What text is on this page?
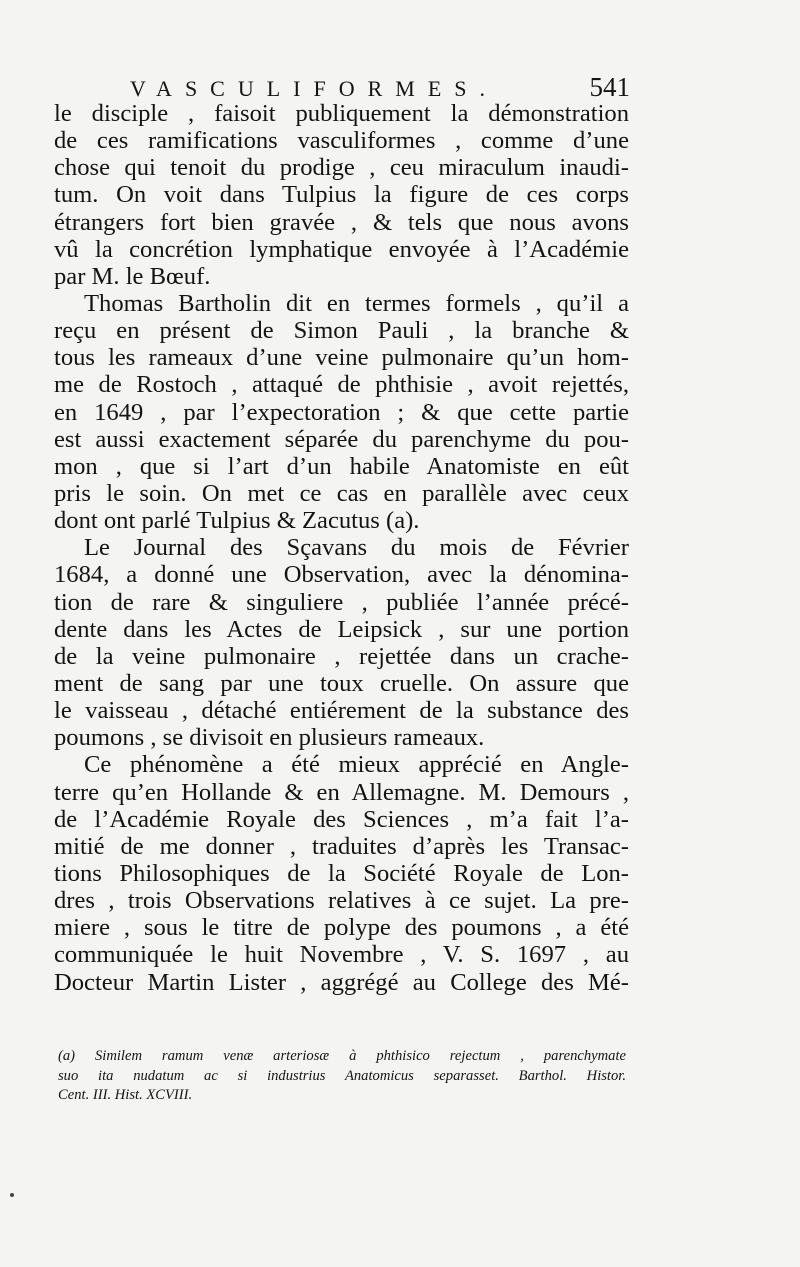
VASCULIFORMES.	541
le disciple , faisoit publiquement la démonstration
de ces ramifications vasculiformes , comme d’une
chose qui tenoit du prodige , ceu miraculum inaudi-
tum. On voit dans Tulpius la figure de ces corps
étrangers fort bien gravée , & tels que nous avons
vû la concrétion lymphatique envoyée à l’Académie
par M. le Bœuf.
Thomas Bartholin dit en termes formels , qu’il a
reçu en présent de Simon Pauli , la branche &
tous les rameaux d’une veine pulmonaire qu’un hom-
me de Rostoch , attaqué de phthisie , avoit rejettés,
en 1649 , par l’expectoration ; & que cette partie
est aussi exactement séparée du parenchyme du pou-
mon , que si l’art d’un habile Anatomiste en eût
pris le soin. On met ce cas en parallèle avec ceux
dont ont parlé Tulpius & Zacutus (a).
Le Journal des Sçavans du mois de Février
1684, a donné une Observation, avec la dénomina-
tion de rare & singuliere , publiée l’année précé-
dente dans les Actes de Leipsick , sur une portion
de la veine pulmonaire , rejettée dans un crache-
ment de sang par une toux cruelle. On assure que
le vaisseau , détaché entiérement de la substance des
poumons , se divisoit en plusieurs rameaux.
Ce phénomène a été mieux apprécié en Angle-
terre qu’en Hollande & en Allemagne. M. Demours ,
de l’Académie Royale des Sciences , m’a fait l’a-
mitié de me donner , traduites d’après les Transac-
tions Philosophiques de la Société Royale de Lon-
dres , trois Observations relatives à ce sujet. La pre-
miere , sous le titre de polype des poumons , a été
communiquée le huit Novembre , V. S. 1697 , au
Docteur Martin Lister , aggrégé au College des Mé-
(a) Similem ramum venæ arteriosæ à phthisico rejectum , parenchymate
suo ita nudatum ac si industrius Anatomicus separasset. Barthol. Histor.
Cent. III. Hist. XCVIII.
